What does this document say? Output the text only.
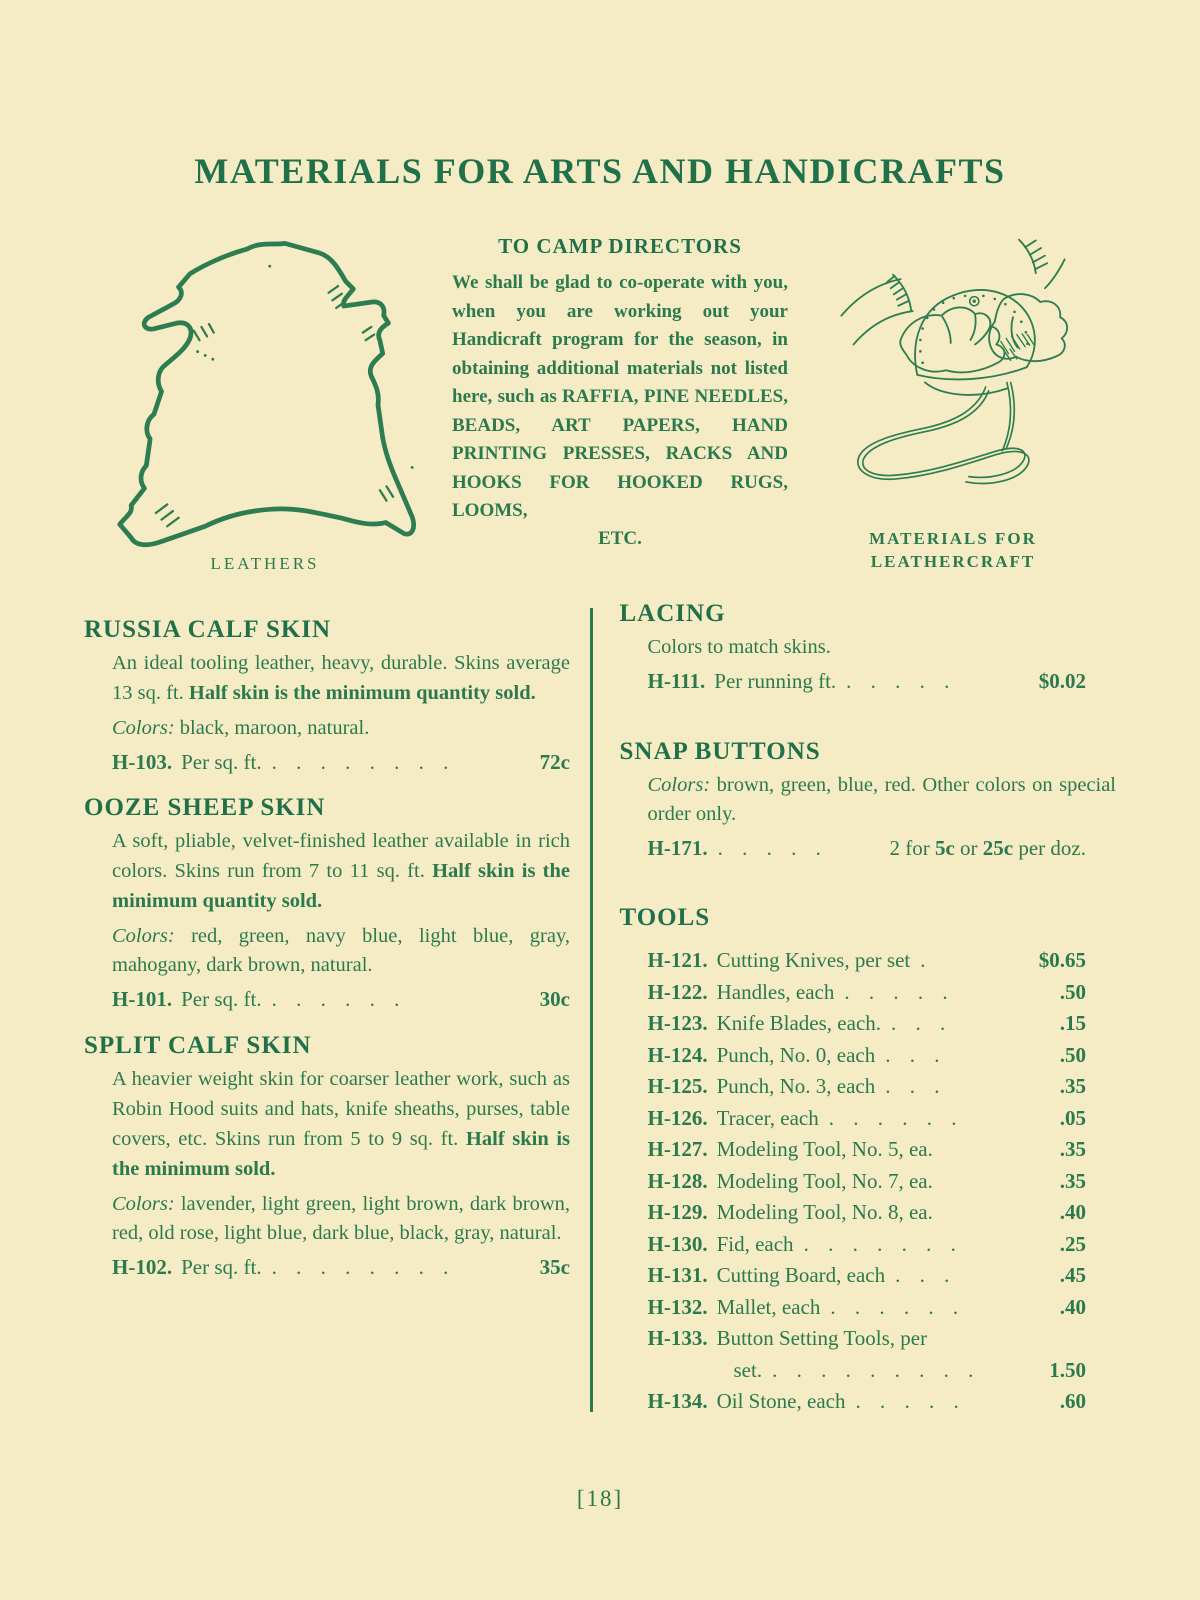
MATERIALS FOR ARTS AND HANDICRAFTS
LEATHERS
TO CAMP DIRECTORS

We shall be glad to co-operate with you, when you are working out your Handicraft program for the season, in obtaining additional materials not listed here, such as RAFFIA, PINE NEEDLES, BEADS, ART PAPERS, HAND PRINTING PRESSES, RACKS AND HOOKS FOR HOOKED RUGS, LOOMS,

ETC.	MATERIALS FOR
LEATHERCRAFT
RUSSIA CALF SKIN

An ideal tooling leather, heavy, durable. Skins average 13 sq. ft. Half skin is the minimum quantity sold.

Colors: black, maroon, natural.

H-103. Per sq. ft. . . . . . . . .	72c

OOZE SHEEP SKIN

A soft, pliable, velvet-finished leather available in rich colors. Skins run from 7 to 11 sq. ft. Half skin is the minimum quantity sold.

Colors: red, green, navy blue, light blue, gray, mahogany, dark brown, natural.

H-101. Per sq. ft. . . . . . .	30c

SPLIT CALF SKIN

A heavier weight skin for coarser leather work, such as Robin Hood suits and hats, knife sheaths, purses, table covers, etc. Skins run from 5 to 9 sq. ft. Half skin is the minimum sold.

Colors: lavender, light green, light brown, dark brown, red, old rose, light blue, dark blue, black, gray, natural.

H-102. Per sq. ft. . . . . . . . .	35c

LACING

Colors to match skins.

H-111. Per running ft. . . . . .	$0.02

SNAP BUTTONS

Colors: brown, green, blue, red. Other colors on special order only.

H-171. . . . . .	2 for 5c or 25c per doz.

TOOLS
H-121. Cutting Knives, per set .	$0.65
H-122. Handles, each . . . . .	.50
H-123. Knife Blades, each. . . .	.15
H-124. Punch, No. 0, each . . .	.50
H-125. Punch, No. 3, each . . .	.35
H-126. Tracer, each . . . . . .	.05
H-127. Modeling Tool, No. 5, ea.	.35
H-128. Modeling Tool, No. 7, ea.	.35
H-129. Modeling Tool, No. 8, ea.	.40
H-130. Fid, each . . . . . . .	.25
H-131. Cutting Board, each . . .	.45
H-132. Mallet, each . . . . . .	.40
H-133. Button Setting Tools, per
set. . . . . . . . . .	1.50
H-134. Oil Stone, each . . . . .	.60
[18]
